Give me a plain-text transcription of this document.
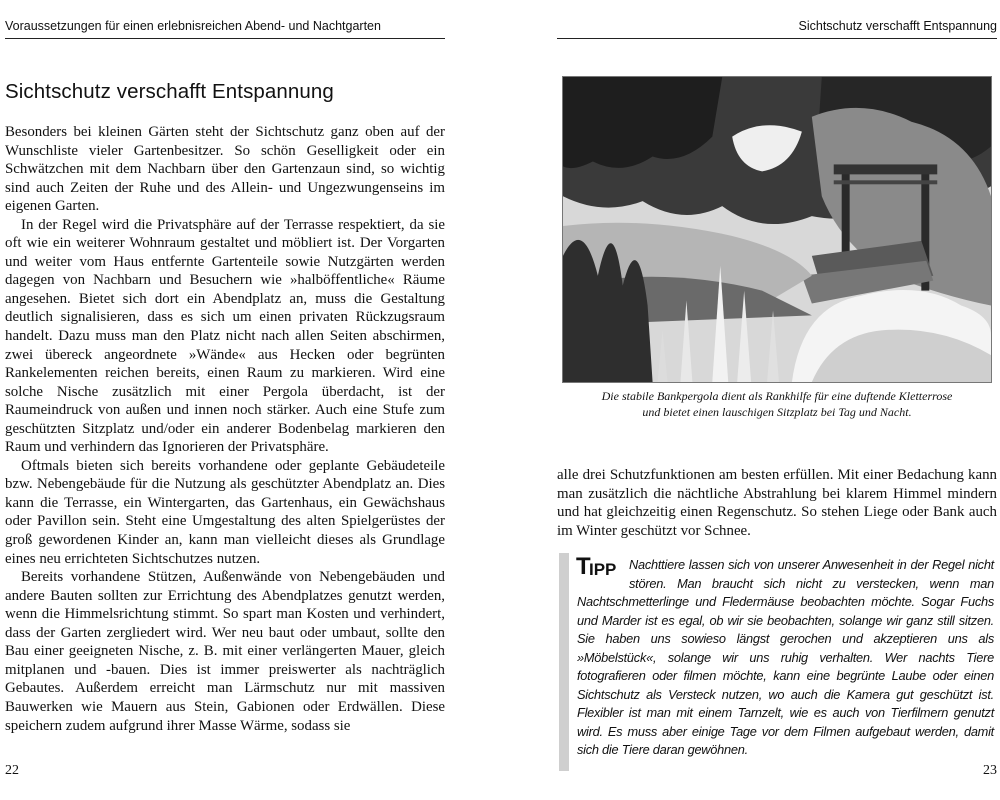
Voraussetzungen für einen erlebnisreichen Abend- und Nachtgarten
Sichtschutz verschafft Entspannung

Besonders bei kleinen Gärten steht der Sichtschutz ganz oben auf der Wunschliste vieler Gartenbesitzer. So schön Geselligkeit oder ein Schwätzchen mit dem Nachbarn über den Gartenzaun sind, so wichtig sind auch Zeiten der Ruhe und des Allein- und Ungezwungenseins im eigenen Garten.

In der Regel wird die Privatsphäre auf der Terrasse respektiert, da sie oft wie ein weiterer Wohnraum gestaltet und möbliert ist. Der Vorgarten und weiter vom Haus entfernte Gartenteile sowie Nutzgärten werden dagegen von Nachbarn und Besuchern wie »halböffentliche« Räume angesehen. Bietet sich dort ein Abendplatz an, muss die Gestaltung deutlich signalisieren, dass es sich um einen privaten Rückzugsraum handelt. Dazu muss man den Platz nicht nach allen Seiten abschirmen, zwei übereck angeordnete »Wände« aus Hecken oder begrünten Rankelementen reichen bereits, einen Raum zu markieren. Wird eine solche Nische zusätzlich mit einer Pergola überdacht, ist der Raumeindruck von außen und innen noch stärker. Auch eine Stufe zum geschützten Sitzplatz und/oder ein anderer Bodenbelag markieren den Raum und verhindern das Ignorieren der Privatsphäre.

Oftmals bieten sich bereits vorhandene oder geplante Gebäudeteile bzw. Nebengebäude für die Nutzung als geschützter Abendplatz an. Dies kann die Terrasse, ein Wintergarten, das Gartenhaus, ein Gewächshaus oder Pavillon sein. Steht eine Umgestaltung des alten Spielgerüstes der groß gewordenen Kinder an, kann man vielleicht dieses als Grundlage eines neu errichteten Sichtschutzes nutzen.

Bereits vorhandene Stützen, Außenwände von Nebengebäuden und andere Bauten sollten zur Errichtung des Abendplatzes genutzt werden, wenn die Himmelsrichtung stimmt. So spart man Kosten und verhindert, dass der Garten zergliedert wird. Wer neu baut oder umbaut, sollte den Bau einer geeigneten Nische, z. B. mit einer verlängerten Mauer, gleich mitplanen und -bauen. Dies ist immer preiswerter als nachträglich Gebautes. Außerdem erreicht man Lärmschutz nur mit massiven Bauwerken wie Mauern aus Stein, Gabionen oder Erdwällen. Diese speichern zudem aufgrund ihrer Masse Wärme, sodass sie

22
Sichtschutz verschafft Entspannung
Die stabile Bankpergola dient als Rankhilfe für eine duftende Kletterrose
und bietet einen lauschigen Sitzplatz bei Tag und Nacht.

alle drei Schutzfunktionen am besten erfüllen. Mit einer Bedachung kann man zusätzlich die nächtliche Abstrahlung bei klarem Himmel mindern und hat gleichzeitig einen Regenschutz. So stehen Liege oder Bank auch im Winter geschützt vor Schnee.

T
IPP Nachttiere lassen sich von unserer Anwesenheit in der Regel nicht stören. Man braucht sich nicht zu verstecken, wenn man Nachtschmetterlinge und Fledermäuse beobachten möchte. Sogar Fuchs und Marder ist es egal, ob wir sie beobachten, solange wir ganz still sitzen. Sie haben uns sowieso längst gerochen und akzeptieren uns als »Möbelstück«, solange wir uns ruhig verhalten. Wer nachts Tiere fotografieren oder filmen möchte, kann eine begrünte Laube oder einen Sichtschutz als Versteck nutzen, wo auch die Kamera gut geschützt ist. Flexibler ist man mit einem Tarnzelt, wie es auch von Tierfilmern genutzt wird. Es muss aber einige Tage vor dem Filmen aufgebaut werden, damit sich die Tiere daran gewöhnen.

23
